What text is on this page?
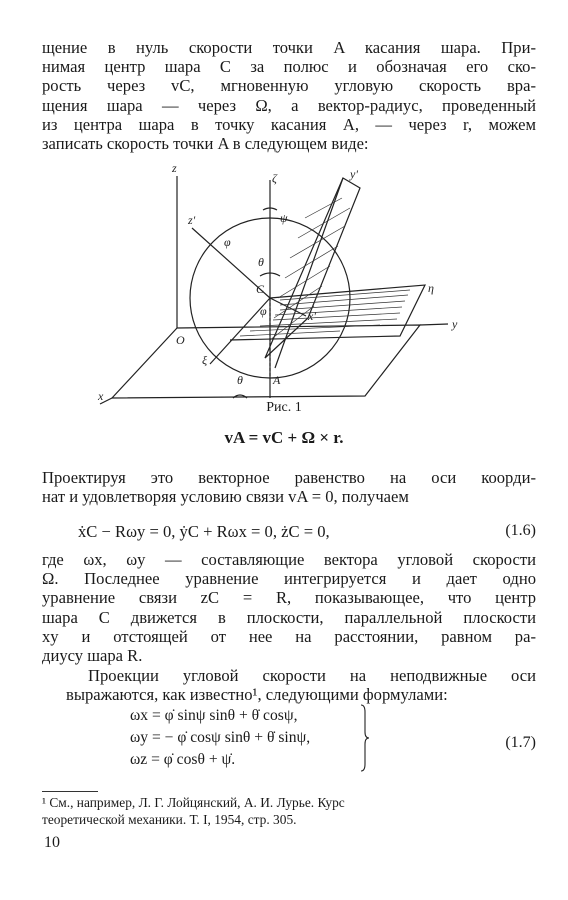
щение в нуль скорости точки A касания шара. При-
нимая центр шара C за полюс и обозначая его ско-
рость через vC, мгновенную угловую скорость вра-
щения шара — через Ω, а вектор-радиус, проведенный
из центра шара в точку касания A, — через r, можем
записать скорость точки A в следующем виде:

z
ζ	y'
z'
φ
ψ
θ
C	η
y
O
ξ
φ
θ	A
x
x'
Рис. 1
vA = vC + Ω × r.

Проектируя это векторное равенство на оси коорди-
нат и удовлетворяя условию связи vA = 0, получаем

ẋC − Rωy = 0, ẏC + Rωx = 0, żC = 0,	(1.6)

где ωx, ωy — составляющие вектора угловой скорости
Ω. Последнее уравнение интегрируется и дает одно
уравнение связи zC = R, показывающее, что центр
шара C движется в плоскости, параллельной плоскости
xy и отстоящей от нее на расстоянии, равном ра-
диусу шара R.

Проекции угловой скорости на неподвижные оси
выражаются, как известно¹, следующими формулами:

ωx = φ̇ sinψ sinθ + θ̇ cosψ,
ωy = − φ̇ cosψ sinθ + θ̇ sinψ,
ωz = φ̇ cosθ + ψ̇.
(1.7)
¹ См., например, Л. Г. Лойцянский, А. И. Лурье. Курс
теоретической механики. Т. I, 1954, стр. 305.
10
